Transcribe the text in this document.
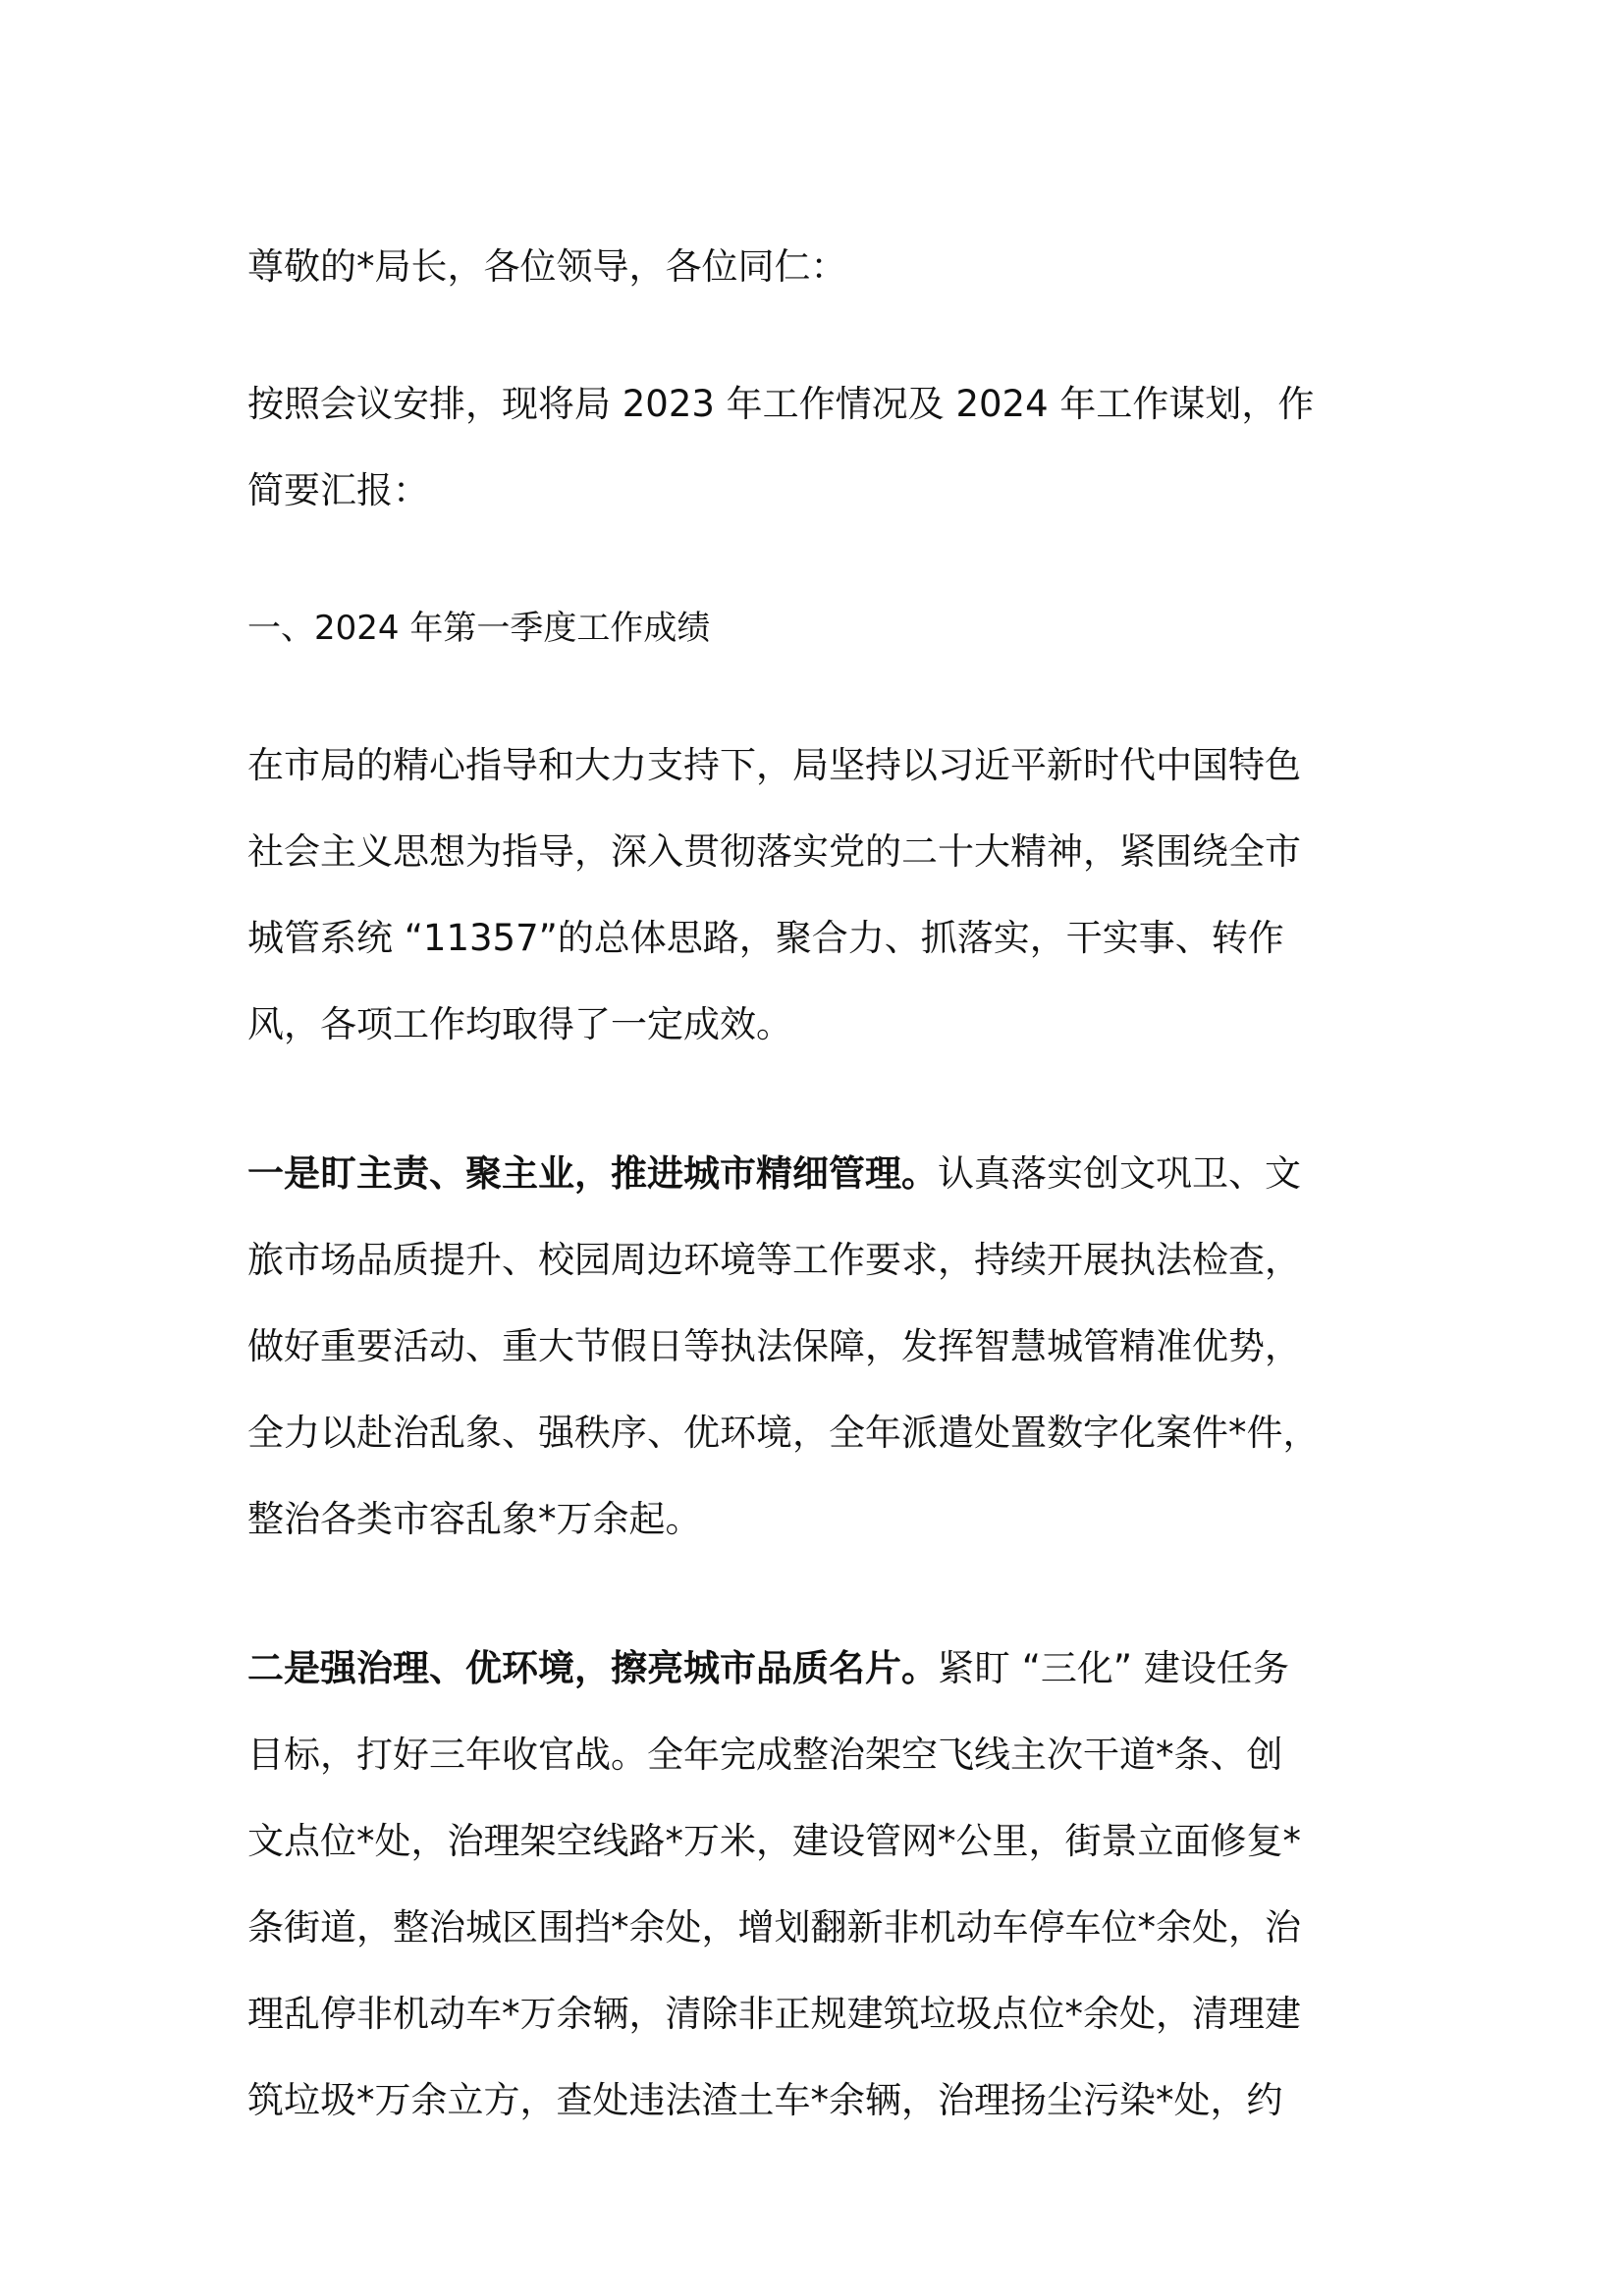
尊敬的*局长，各位领导，各位同仁：
按照会议安排，现将局 2023 年工作情况及 2024 年工作谋划，作
简要汇报：
一、2024 年第一季度工作成绩
在市局的精心指导和大力支持下，局坚持以习近平新时代中国特色
社会主义思想为指导，深入贯彻落实党的二十大精神，紧围绕全市
城管系统 “11357”的总体思路，聚合力、抓落实，干实事、转作
风，各项工作均取得了一定成效。
一是盯主责、聚主业，推进城市精细管理。认真落实创文巩卫、文
旅市场品质提升、校园周边环境等工作要求，持续开展执法检查，
做好重要活动、重大节假日等执法保障，发挥智慧城管精准优势，
全力以赴治乱象、强秩序、优环境，全年派遣处置数字化案件*件，
整治各类市容乱象*万余起。
二是强治理、优环境，擦亮城市品质名片。紧盯 “三化” 建设任务
目标，打好三年收官战。全年完成整治架空飞线主次干道*条、创
文点位*处，治理架空线路*万米，建设管网*公里，街景立面修复*
条街道，整治城区围挡*余处，增划翻新非机动车停车位*余处，治
理乱停非机动车*万余辆，清除非正规建筑垃圾点位*余处，清理建
筑垃圾*万余立方，查处违法渣土车*余辆，治理扬尘污染*处，约
